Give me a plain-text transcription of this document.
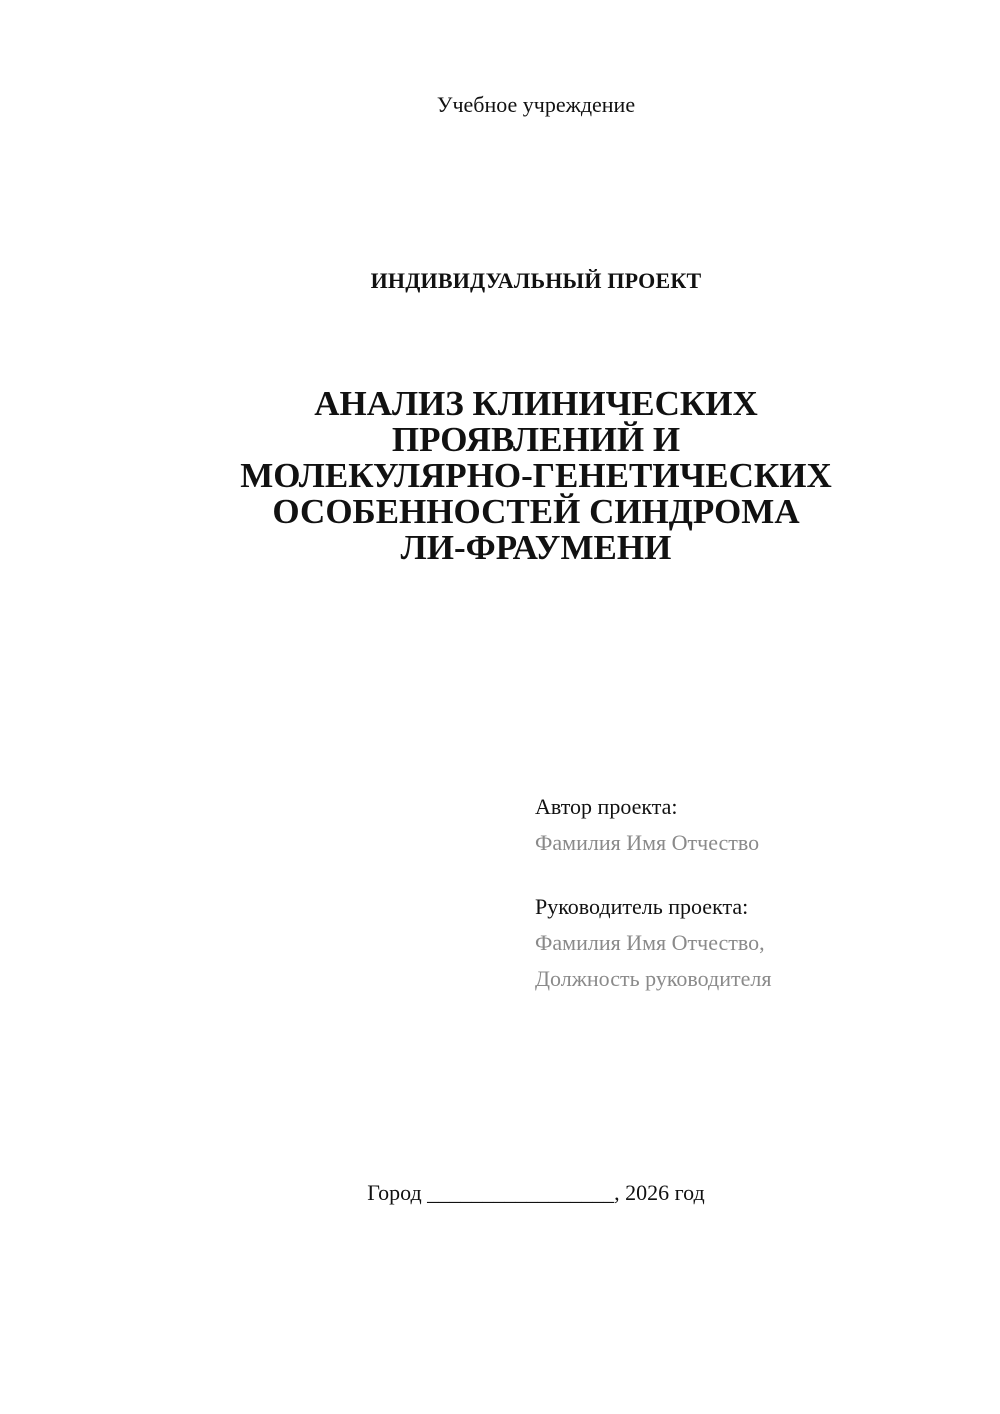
Учебное учреждение
ИНДИВИДУАЛЬНЫЙ ПРОЕКТ
АНАЛИЗ КЛИНИЧЕСКИХ
ПРОЯВЛЕНИЙ И
МОЛЕКУЛЯРНО-ГЕНЕТИЧЕСКИХ
ОСОБЕННОСТЕЙ СИНДРОМА
ЛИ-ФРАУМЕНИ
Автор проекта:
Фамилия Имя Отчество
Руководитель проекта:
Фамилия Имя Отчество,
Должность руководителя
Город _________________, 2026 год
